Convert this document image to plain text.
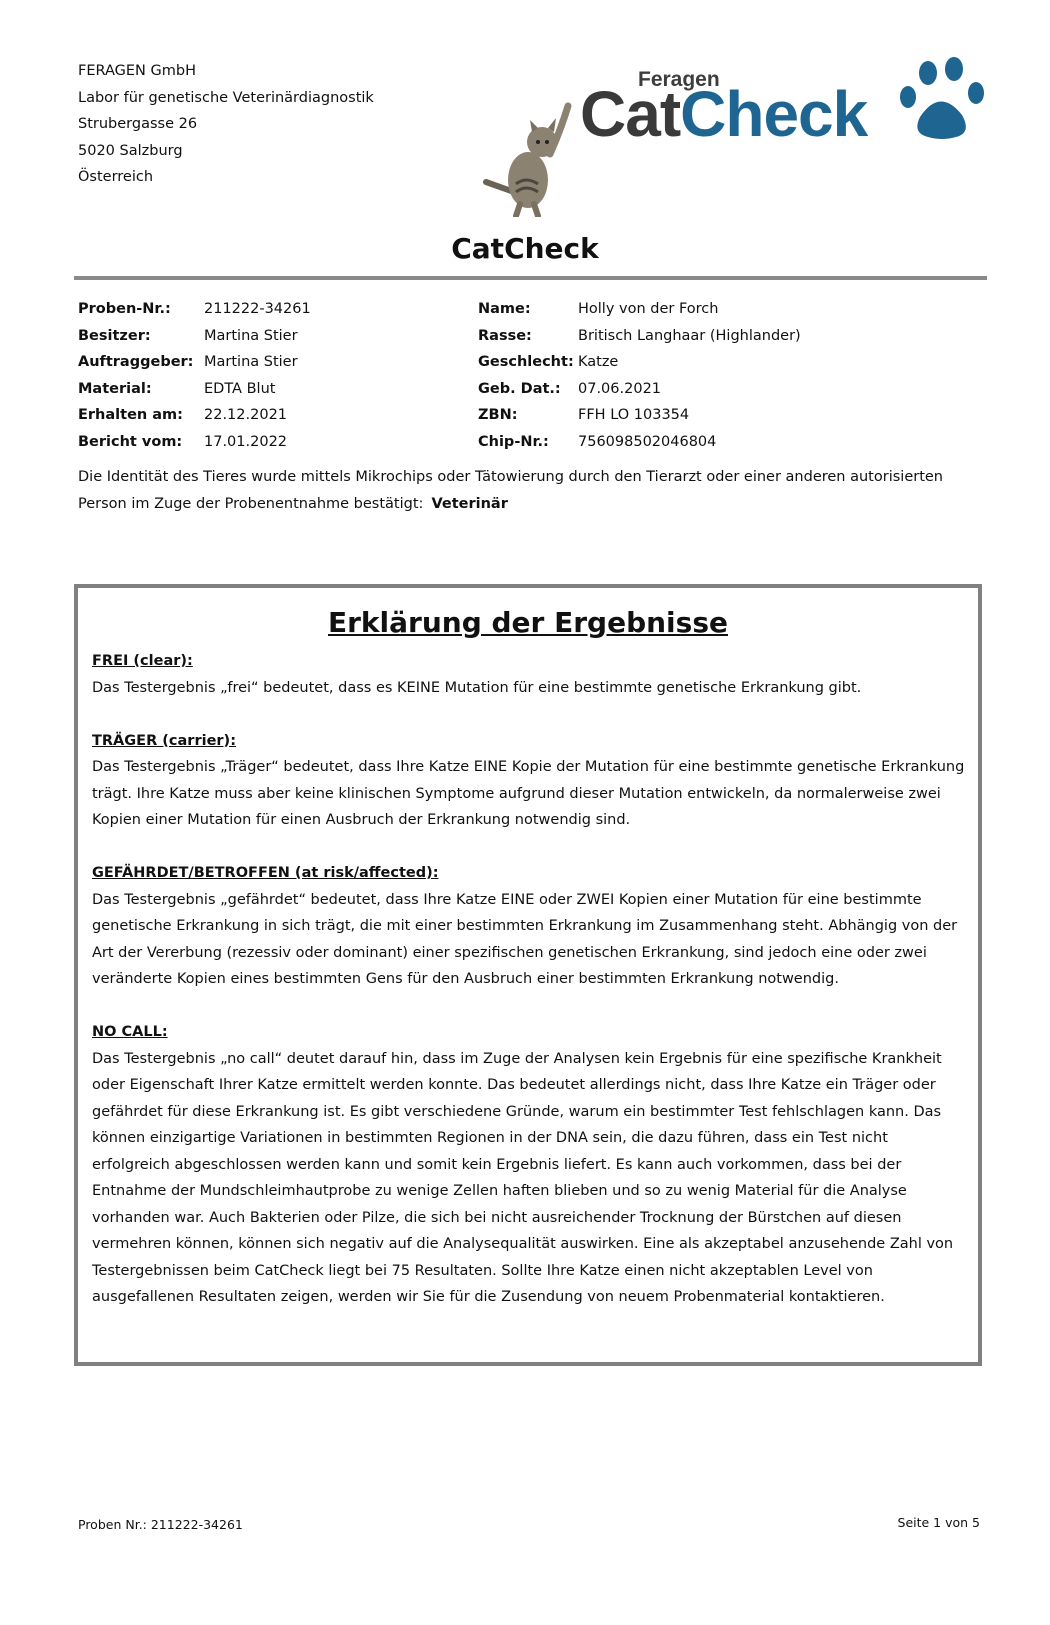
FERAGEN GmbH
Labor für genetische Veterinärdiagnostik
Strubergasse 26
5020 Salzburg
Österreich
Feragen
CatCheck
CatCheck
Proben-Nr.:	211222-34261
Besitzer:	Martina Stier
Auftraggeber: Martina Stier
Material:	EDTA Blut
Erhalten am:	22.12.2021
Bericht vom:	17.01.2022
Name:	Holly von der Forch
Rasse:	Britisch Langhaar (Highlander)
Geschlecht: Katze
Geb. Dat.:	07.06.2021
ZBN:	FFH LO 103354
Chip-Nr.:	756098502046804
Die Identität des Tieres wurde mittels Mikrochips oder Tätowierung durch den Tierarzt oder einer anderen autorisierten Person im Zuge der Probenentnahme bestätigt: Veterinär
Erklärung der Ergebnisse
FREI (clear):

Das Testergebnis „frei“ bedeutet, dass es KEINE Mutation für eine bestimmte genetische Erkrankung gibt.

TRÄGER (carrier):

Das Testergebnis „Träger“ bedeutet, dass Ihre Katze EINE Kopie der Mutation für eine bestimmte genetische Erkrankung trägt. Ihre Katze muss aber keine klinischen Symptome aufgrund dieser Mutation entwickeln, da normalerweise zwei Kopien einer Mutation für einen Ausbruch der Erkrankung notwendig sind.

GEFÄHRDET/BETROFFEN (at risk/affected):

Das Testergebnis „gefährdet“ bedeutet, dass Ihre Katze EINE oder ZWEI Kopien einer Mutation für eine bestimmte genetische Erkrankung in sich trägt, die mit einer bestimmten Erkrankung im Zusammenhang steht. Abhängig von der Art der Vererbung (rezessiv oder dominant) einer spezifischen genetischen Erkrankung, sind jedoch eine oder zwei veränderte Kopien eines bestimmten Gens für den Ausbruch einer bestimmten Erkrankung notwendig.

NO CALL:

Das Testergebnis „no call“ deutet darauf hin, dass im Zuge der Analysen kein Ergebnis für eine spezifische Krankheit oder Eigenschaft Ihrer Katze ermittelt werden konnte. Das bedeutet allerdings nicht, dass Ihre Katze ein Träger oder gefährdet für diese Erkrankung ist. Es gibt verschiedene Gründe, warum ein bestimmter Test fehlschlagen kann. Das können einzigartige Variationen in bestimmten Regionen in der DNA sein, die dazu führen, dass ein Test nicht erfolgreich abgeschlossen werden kann und somit kein Ergebnis liefert. Es kann auch vorkommen, dass bei der Entnahme der Mundschleimhautprobe zu wenige Zellen haften blieben und so zu wenig Material für die Analyse vorhanden war. Auch Bakterien oder Pilze, die sich bei nicht ausreichender Trocknung der Bürstchen auf diesen vermehren können, können sich negativ auf die Analysequalität auswirken. Eine als akzeptabel anzusehende Zahl von Testergebnissen beim CatCheck liegt bei 75 Resultaten. Sollte Ihre Katze einen nicht akzeptablen Level von ausgefallenen Resultaten zeigen, werden wir Sie für die Zusendung von neuem Probenmaterial kontaktieren.

Proben Nr.: 211222-34261	Seite 1 von 5
